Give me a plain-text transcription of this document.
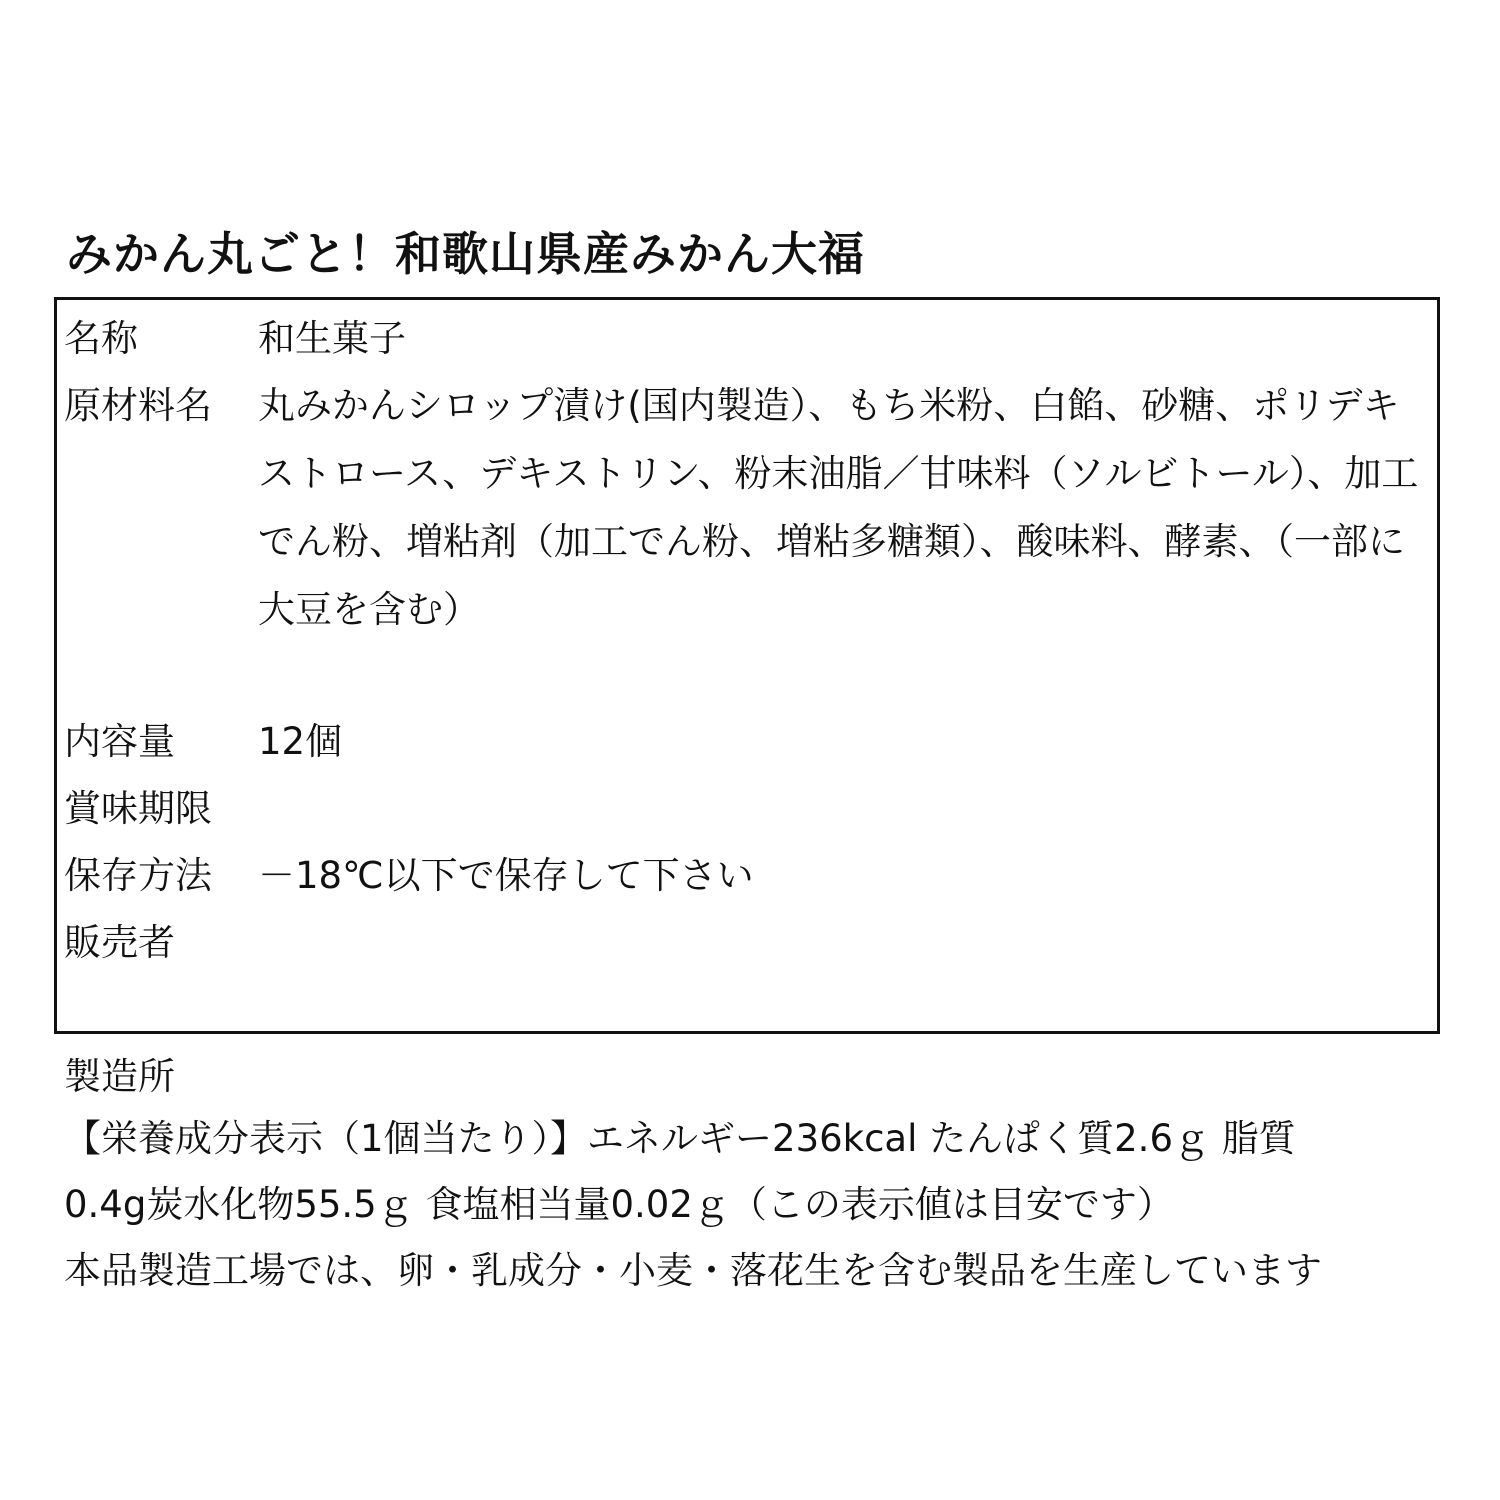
みかん丸ごと！和歌山県産みかん大福
名称	和生菓子
原材料名 丸みかんシロップ漬け(国内製造）、もち米粉、白餡、砂糖、ポリデキストロース、デキストリン、粉末油脂／甘味料（ソルビトール）、加工でん粉、増粘剤（加工でん粉、増粘多糖類）、酸味料、酵素、（一部に大豆を含む）
内容量 12個
賞味期限
保存方法 －18℃以下で保存して下さい
販売者
製造所
【栄養成分表示（1個当たり）】エネルギー236kcal たんぱく質2.6ｇ 脂質
0.4g炭水化物55.5ｇ 食塩相当量0.02ｇ（この表示値は目安です）
本品製造工場では、卵・乳成分・小麦・落花生を含む製品を生産しています
